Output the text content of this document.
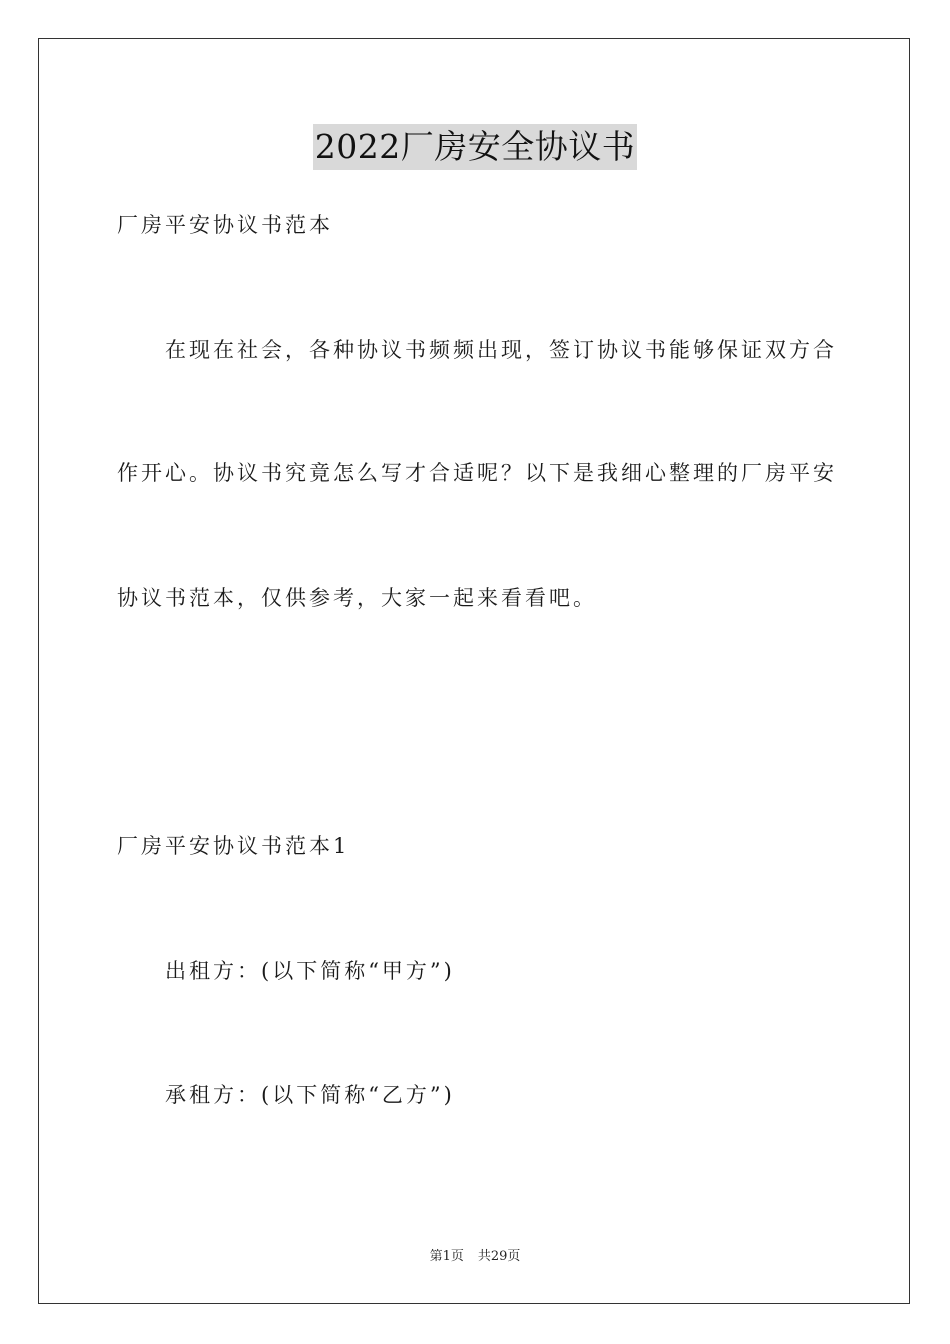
2022厂房安全协议书
厂房平安协议书范本
在现在社会，各种协议书频频出现，签订协议书能够保证双方合
作开心。协议书究竟怎么写才合适呢？以下是我细心整理的厂房平安
协议书范本，仅供参考，大家一起来看看吧。
厂房平安协议书范本1
出租方：(以下简称“甲方”)
承租方：(以下简称“乙方”)
第1页 共29页
